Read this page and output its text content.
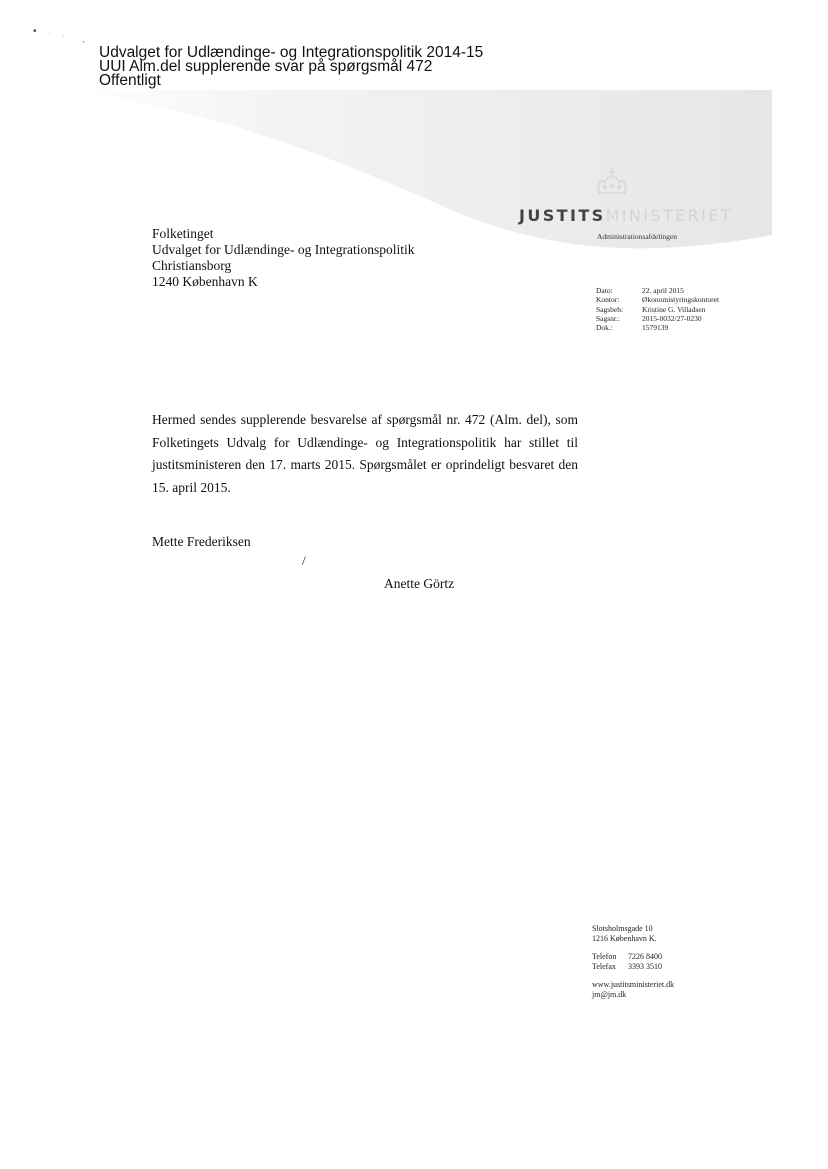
• · -
` Udvalget for Udlændinge- og Integrationspolitik 2014-15
UUI Alm.del supplerende svar på spørgsmål 472
Offentligt
JUSTITSMINISTERIET
Administrationsafdelingen
Folketinget
Udvalget for Udlændinge- og Integrationspolitik
Christiansborg
1240 København K
Dato:	22. april 2015
Kontor:	Økonomistyringskontoret
Sagsbeh:	Kristine G. Villadsen
Sagsnr.:	2015-0032/27-0230
Dok.:	1579139
Hermed sendes supplerende besvarelse af spørgsmål nr. 472 (Alm. del), som Folketingets Udvalg for Udlændinge- og Integrationspolitik har stillet til justitsministeren den 17. marts 2015. Spørgsmålet er oprindeligt besvaret den 15. april 2015.
Mette Frederiksen
/
Anette Görtz
Slotsholmsgade 10
1216 København K.
Telefon	7226 8400
Telefax	3393 3510
www.justitsministeriet.dk
jm@jm.dk
